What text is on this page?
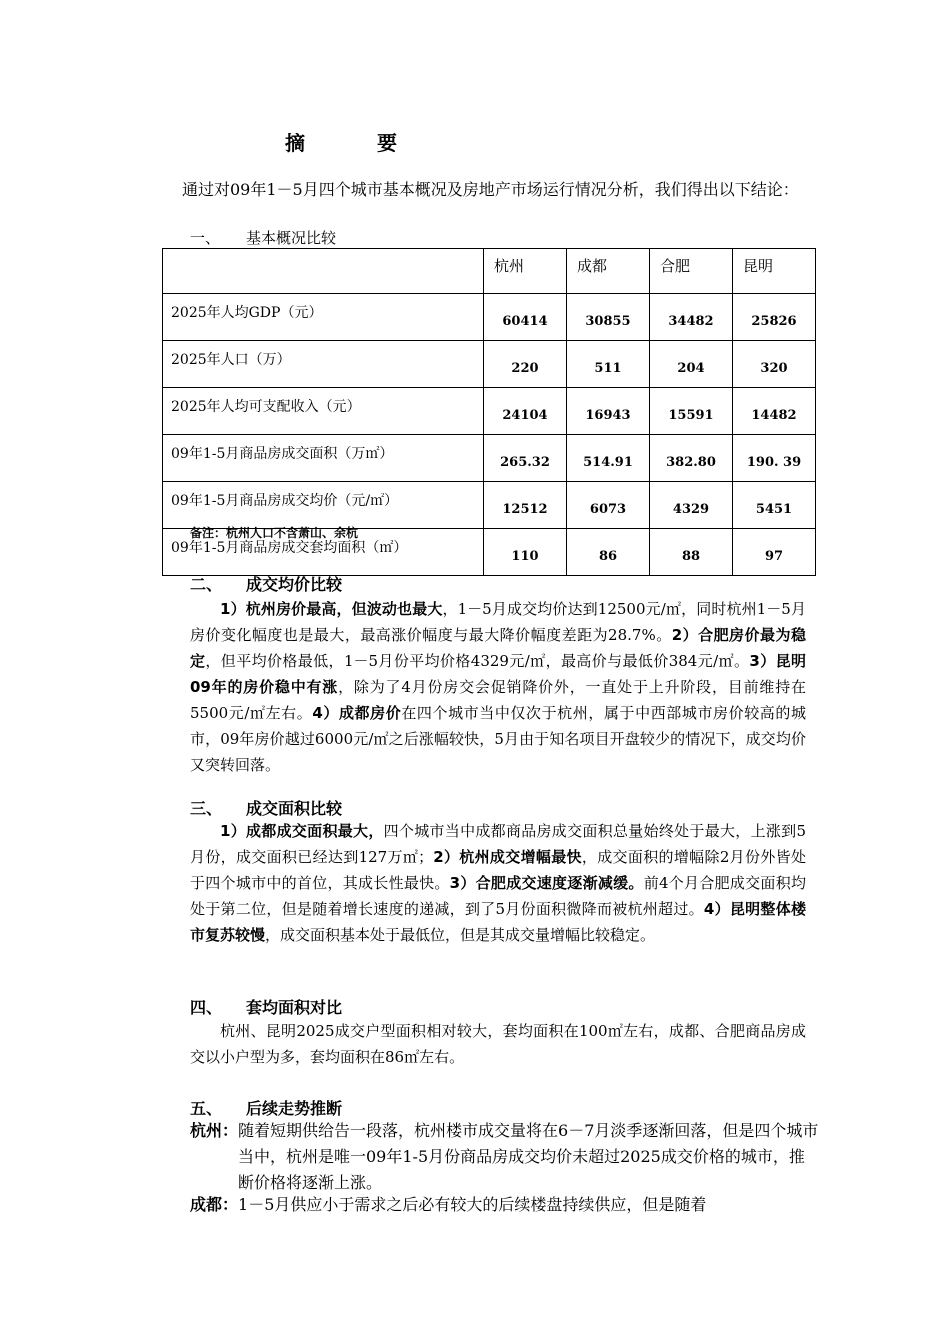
摘	要
通过对09年1－5月四个城市基本概况及房地产市场运行情况分析，我们得出以下结论：
一、 基本概况比较
	杭州	成都	合肥	昆明
2025年人均GDP（元）	60414	30855	34482	25826
2025年人口（万）	220	511	204	320
2025年人均可支配收入（元）	24104	16943	15591	14482
09年1-5月商品房成交面积（万㎡）	265.32	514.91	382.80	190. 39
09年1-5月商品房成交均价（元/㎡）	12512	6073	4329	5451
09年1-5月商品房成交套均面积（㎡）	110	86	88	97
备注：杭州人口不含萧山、余杭
二、 成交均价比较
1）杭州房价最高，但波动也最大，1－5月成交均价达到12500元/㎡，同时杭州1－5月房价变化幅度也是最大，最高涨价幅度与最大降价幅度差距为28.7%。2）合肥房价最为稳定，但平均价格最低，1－5月份平均价格4329元/㎡，最高价与最低价384元/㎡。3）昆明09年的房价稳中有涨，除为了4月份房交会促销降价外，一直处于上升阶段，目前维持在5500元/㎡左右。4）成都房价在四个城市当中仅次于杭州，属于中西部城市房价较高的城市，09年房价越过6000元/㎡之后涨幅较快，5月由于知名项目开盘较少的情况下，成交均价又突转回落。
三、 成交面积比较
1）成都成交面积最大，四个城市当中成都商品房成交面积总量始终处于最大，上涨到5月份，成交面积已经达到127万㎡；2）杭州成交增幅最快，成交面积的增幅除2月份外皆处于四个城市中的首位，其成长性最快。3）合肥成交速度逐渐减缓。前4个月合肥成交面积均处于第二位，但是随着增长速度的递减，到了5月份面积微降而被杭州超过。4）昆明整体楼市复苏较慢，成交面积基本处于最低位，但是其成交量增幅比较稳定。
四、 套均面积对比
杭州、昆明2025成交户型面积相对较大，套均面积在100㎡左右，成都、合肥商品房成交以小户型为多，套均面积在86㎡左右。
五、 后续走势推断
杭州：随着短期供给告一段落，杭州楼市成交量将在6－7月淡季逐渐回落，但是四个城市当中，杭州是唯一09年1-5月份商品房成交均价未超过2025成交价格的城市，推断价格将逐渐上涨。
成都：1－5月供应小于需求之后必有较大的后续楼盘持续供应，但是随着
